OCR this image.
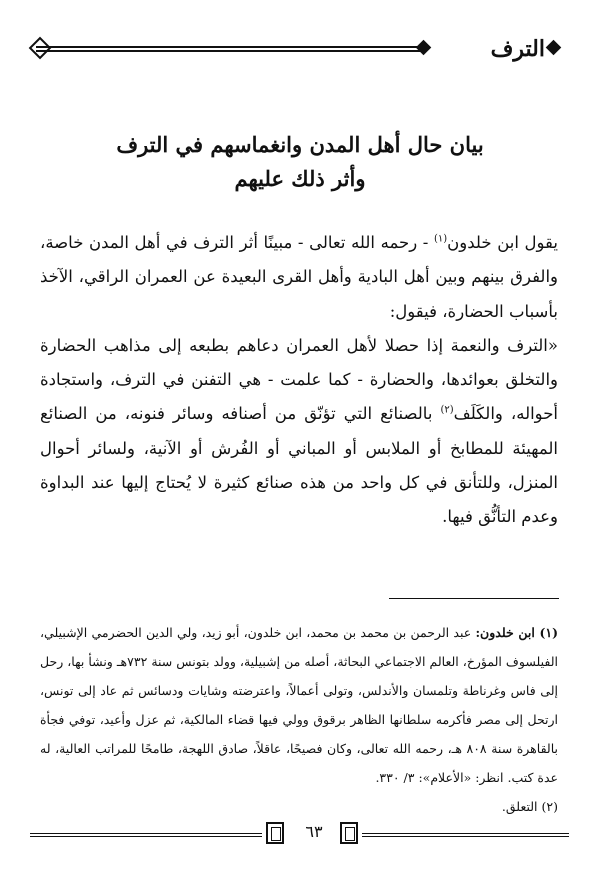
الترف
بيان حال أهل المدن وانغماسهم في الترف
وأثر ذلك عليهم

يقول ابن خلدون$^{(١)}$ - رحمه الله تعالى - مبينًا أثر الترف في أهل المدن خاصة، والفرق بينهم وبين أهل البادية وأهل القرى البعيدة عن العمران الراقي، الآخذ بأسباب الحضارة، فيقول:

«الترف والنعمة إذا حصلا لأهل العمران دعاهم بطبعه إلى مذاهب الحضارة والتخلق بعوائدها، والحضارة - كما علمت - هي التفنن في الترف، واستجادة أحواله، والكَلَف$^{(٢)}$ بالصنائع التي تؤنّق من أصنافه وسائر فنونه، من الصنائع المهيئة للمطابخ أو الملابس أو المباني أو الفُرش أو الآنية، ولسائر أحوال المنزل، وللتأنق في كل واحد من هذه صنائع كثيرة لا يُحتاج إليها عند البداوة وعدم التأنُّق فيها.

(١) ابن خلدون: عبد الرحمن بن محمد بن محمد، ابن خلدون، أبو زيد، ولي الدين الحضرمي الإشبيلي، الفيلسوف المؤرخ، العالم الاجتماعي البحاثة، أصله من إشبيلية، وولد بتونس سنة ٧٣٢هـ ونشأ بها، رحل إلى فاس وغرناطة وتلمسان والأندلس، وتولى أعمالاً، واعترضته وشايات ودسائس ثم عاد إلى تونس، ارتحل إلى مصر فأكرمه سلطانها الظاهر برقوق وولي فيها قضاء المالكية، ثم عزل وأعيد، توفي فجأة بالقاهرة سنة ٨٠٨ هـ، رحمه الله تعالى، وكان فصيحًا، عاقلاً، صادق اللهجة، طامحًا للمراتب العالية، له عدة كتب. انظر: «الأعلام»: ٣/ ٣٣٠.

(٢) التعلق.

٦٣
